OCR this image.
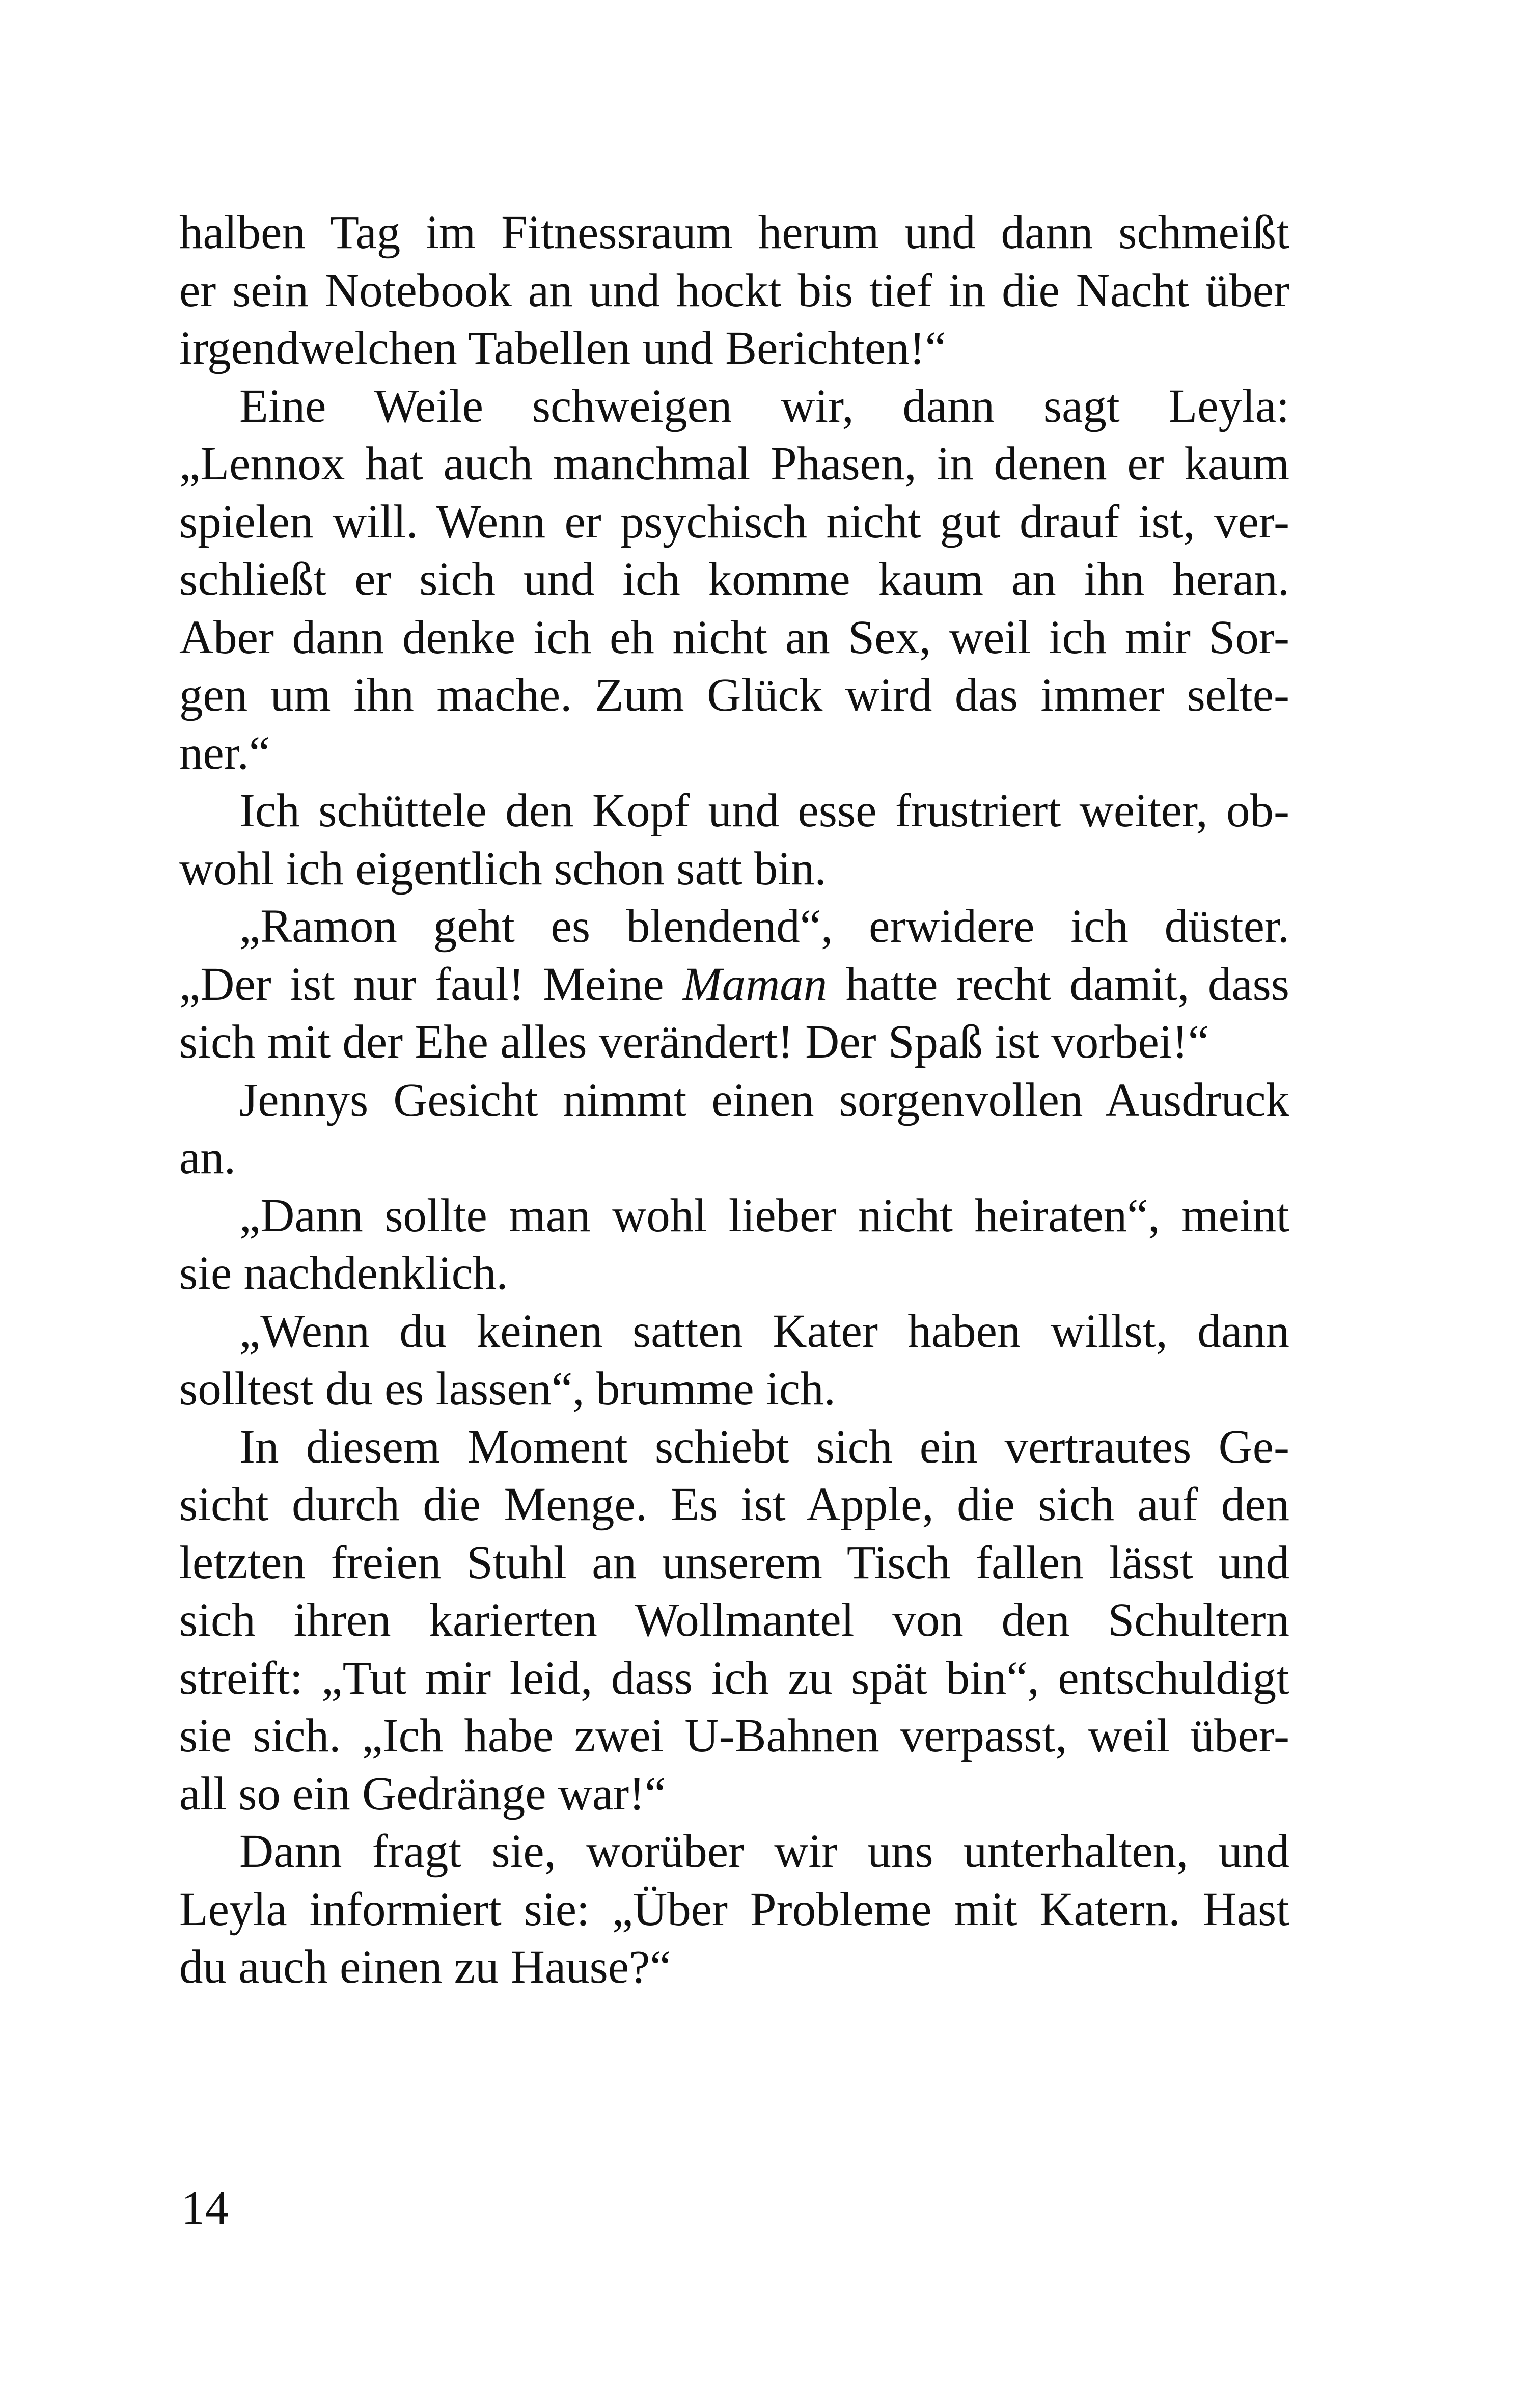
halben Tag im Fitnessraum herum und dann schmeißt
er sein Notebook an und hockt bis tief in die Nacht über
irgendwelchen Tabellen und Berichten!“
Eine Weile schweigen wir, dann sagt Leyla:
„Lennox hat auch manchmal Phasen, in denen er kaum
spielen will. Wenn er psychisch nicht gut drauf ist, ver-
schließt er sich und ich komme kaum an ihn heran.
Aber dann denke ich eh nicht an Sex, weil ich mir Sor-
gen um ihn mache. Zum Glück wird das immer selte-
ner.“
Ich schüttele den Kopf und esse frustriert weiter, ob-
wohl ich eigentlich schon satt bin.
„Ramon geht es blendend“, erwidere ich düster.
„Der ist nur faul! Meine Maman hatte recht damit, dass
sich mit der Ehe alles verändert! Der Spaß ist vorbei!“
Jennys Gesicht nimmt einen sorgenvollen Ausdruck
an.
„Dann sollte man wohl lieber nicht heiraten“, meint
sie nachdenklich.
„Wenn du keinen satten Kater haben willst, dann
solltest du es lassen“, brumme ich.
In diesem Moment schiebt sich ein vertrautes Ge-
sicht durch die Menge. Es ist Apple, die sich auf den
letzten freien Stuhl an unserem Tisch fallen lässt und
sich ihren karierten Wollmantel von den Schultern
streift: „Tut mir leid, dass ich zu spät bin“, entschuldigt
sie sich. „Ich habe zwei U-Bahnen verpasst, weil über-
all so ein Gedränge war!“
Dann fragt sie, worüber wir uns unterhalten, und
Leyla informiert sie: „Über Probleme mit Katern. Hast
du auch einen zu Hause?“
14
